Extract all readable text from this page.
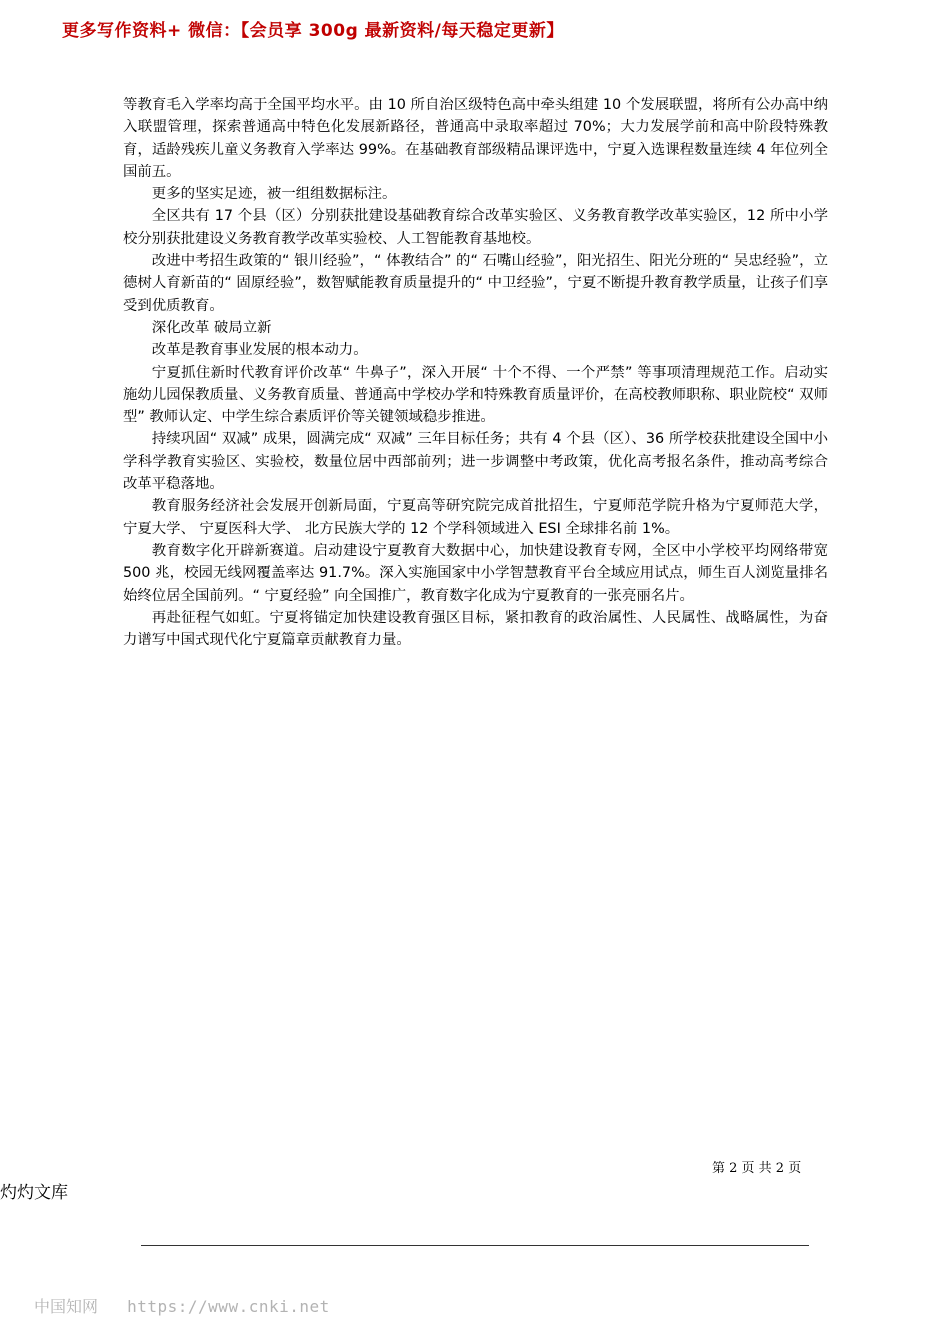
更多写作资料+ 微信：【会员享 300g 最新资料/每天稳定更新】

等教育毛入学率均高于全国平均水平。由 10 所自治区级特色高中牵头组建 10 个发展联盟，将所有公办高中纳入联盟管理，探索普通高中特色化发展新路径，普通高中录取率超过 70%；大力发展学前和高中阶段特殊教育，适龄残疾儿童义务教育入学率达 99%。在基础教育部级精品课评选中，宁夏入选课程数量连续 4 年位列全国前五。

更多的坚实足迹，被一组组数据标注。

全区共有 17 个县（区）分别获批建设基础教育综合改革实验区、义务教育教学改革实验区，12 所中小学校分别获批建设义务教育教学改革实验校、人工智能教育基地校。

改进中考招生政策的“ 银川经验”，“ 体教结合” 的“ 石嘴山经验”，阳光招生、阳光分班的“ 吴忠经验”，立德树人育新苗的“ 固原经验”，数智赋能教育质量提升的“ 中卫经验”，宁夏不断提升教育教学质量，让孩子们享受到优质教育。

深化改革 破局立新

改革是教育事业发展的根本动力。

宁夏抓住新时代教育评价改革“ 牛鼻子”，深入开展“ 十个不得、一个严禁” 等事项清理规范工作。启动实施幼儿园保教质量、义务教育质量、普通高中学校办学和特殊教育质量评价，在高校教师职称、职业院校“ 双师型” 教师认定、中学生综合素质评价等关键领域稳步推进。

持续巩固“ 双减” 成果，圆满完成“ 双减” 三年目标任务；共有 4 个县（区）、36 所学校获批建设全国中小学科学教育实验区、实验校，数量位居中西部前列；进一步调整中考政策，优化高考报名条件，推动高考综合改革平稳落地。

教育服务经济社会发展开创新局面，宁夏高等研究院完成首批招生，宁夏师范学院升格为宁夏师范大学， 宁夏大学、 宁夏医科大学、 北方民族大学的 12 个学科领域进入 ESI 全球排名前 1%。

教育数字化开辟新赛道。启动建设宁夏教育大数据中心，加快建设教育专网，全区中小学校平均网络带宽 500 兆，校园无线网覆盖率达 91.7%。深入实施国家中小学智慧教育平台全域应用试点，师生百人浏览量排名始终位居全国前列。“ 宁夏经验” 向全国推广，教育数字化成为宁夏教育的一张亮丽名片。

再赴征程气如虹。宁夏将锚定加快建设教育强区目标，紧扣教育的政治属性、人民属性、战略属性，为奋力谱写中国式现代化宁夏篇章贡献教育力量。

第 2 页 共 2 页
灼灼文库
中国知网 https://www.cnki.net
